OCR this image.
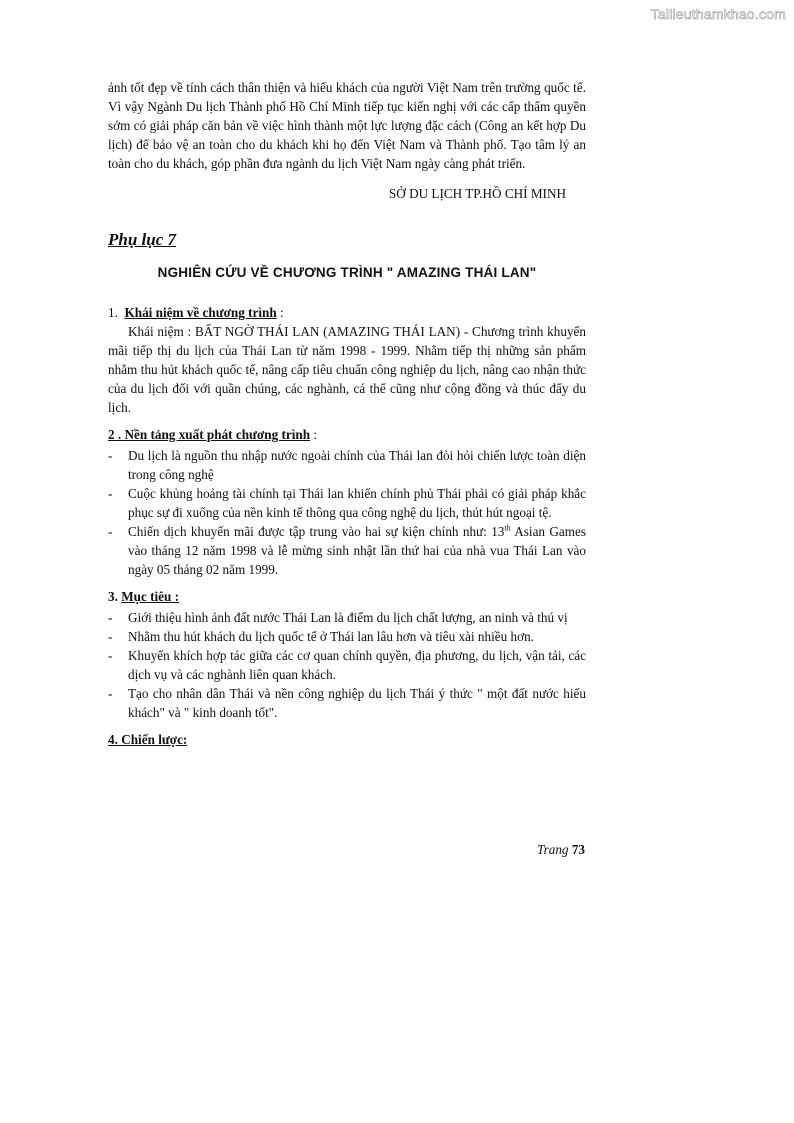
Tailieuthamkhao.com

ảnh tốt đẹp về tính cách thân thiện và hiếu khách của người Việt Nam trên trường quốc tế. Vì vậy Ngành Du lịch Thành phố Hồ Chí Minh tiếp tục kiến nghị với các cấp thẩm quyền sớm có giải pháp căn bản về việc hình thành một lực lượng đặc cách (Công an kết hợp Du lịch) để bảo vệ an toàn cho du khách khi họ đến Việt Nam và Thành phố. Tạo tâm lý an toàn cho du khách, góp phần đưa ngành du lịch Việt Nam ngày càng phát triển.

SỞ DU LỊCH TP.HỒ CHÍ MINH

Phụ lục 7
NGHIÊN CỨU VỀ CHƯƠNG TRÌNH " AMAZING THÁI LAN"
1. Khái niệm về chương trình :

Khái niệm : BẤT NGỜ THÁI LAN (AMAZING THÁI LAN) - Chương trình khuyến mãi tiếp thị du lịch của Thái Lan từ năm 1998 - 1999. Nhằm tiếp thị những sản phẩm nhằm thu hút khách quốc tế, nâng cấp tiêu chuẩn công nghiệp du lịch, nâng cao nhận thức của du lịch đối với quần chúng, các nghành, cá thể cũng như cộng đồng và thúc đẩy du lịch.

2 . Nền tảng xuất phát chương trình :
- Du lịch là nguồn thu nhập nước ngoài chính của Thái lan đòi hỏi chiến lược toàn diện trong công nghệ
- Cuộc khủng hoảng tài chính tại Thái lan khiến chính phủ Thái phải có giải pháp khắc phục sự đi xuống của nền kinh tế thông qua công nghệ du lịch, thút hút ngoại tệ.
- Chiến dịch khuyến mãi được tập trung vào hai sự kiện chính như: 13th Asian Games vào tháng 12 năm 1998 và lễ mừng sinh nhật lần thứ hai của nhà vua Thái Lan vào ngày 05 tháng 02 năm 1999.
3. Mục tiêu :
- Giới thiệu hình ảnh đất nước Thái Lan là điểm du lịch chất lượng, an ninh và thú vị
- Nhằm thu hút khách du lịch quốc tế ở Thái lan lâu hơn và tiêu xài nhiều hơn.
- Khuyến khích hợp tác giữa các cơ quan chính quyền, địa phương, du lịch, vận tải, các dịch vụ và các nghành liên quan khách.
- Tạo cho nhân dân Thái và nền công nghiệp du lịch Thái ý thức " một đất nước hiếu khách" và " kinh doanh tốt".
4. Chiến lược:
Trang 73
